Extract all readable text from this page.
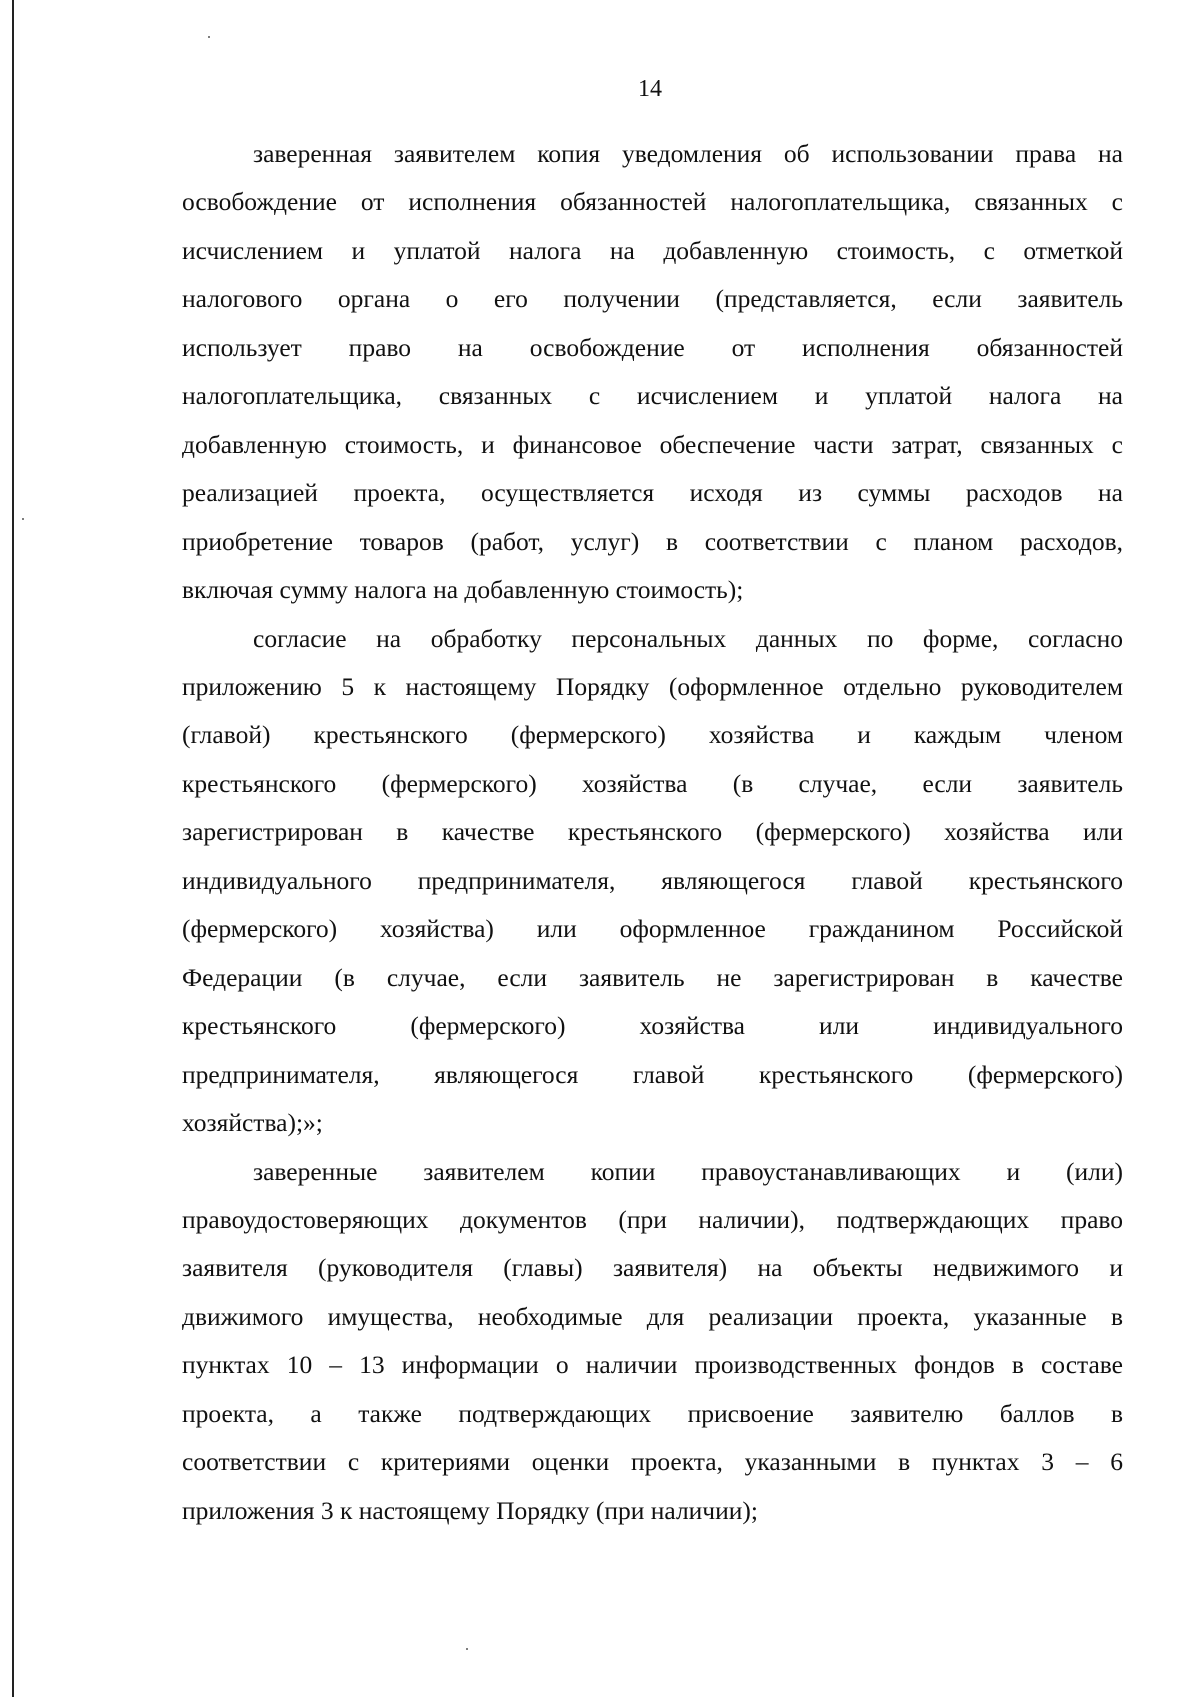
14
заверенная заявителем копия уведомления об использовании права на
освобождение от исполнения обязанностей налогоплательщика, связанных с
исчислением и уплатой налога на добавленную стоимость, с отметкой
налогового органа о его получении (представляется, если заявитель
использует право на освобождение от исполнения обязанностей
налогоплательщика, связанных с исчислением и уплатой налога на
добавленную стоимость, и финансовое обеспечение части затрат, связанных с
реализацией проекта, осуществляется исходя из суммы расходов на
приобретение товаров (работ, услуг) в соответствии с планом расходов,
включая сумму налога на добавленную стоимость);
согласие на обработку персональных данных по форме, согласно
приложению 5 к настоящему Порядку (оформленное отдельно руководителем
(главой) крестьянского (фермерского) хозяйства и каждым членом
крестьянского (фермерского) хозяйства (в случае, если заявитель
зарегистрирован в качестве крестьянского (фермерского) хозяйства или
индивидуального предпринимателя, являющегося главой крестьянского
(фермерского) хозяйства) или оформленное гражданином Российской
Федерации (в случае, если заявитель не зарегистрирован в качестве
крестьянского (фермерского) хозяйства или индивидуального
предпринимателя, являющегося главой крестьянского (фермерского)
хозяйства);»;
заверенные заявителем копии правоустанавливающих и (или)
правоудостоверяющих документов (при наличии), подтверждающих право
заявителя (руководителя (главы) заявителя) на объекты недвижимого и
движимого имущества, необходимые для реализации проекта, указанные в
пунктах 10 – 13 информации о наличии производственных фондов в составе
проекта, а также подтверждающих присвоение заявителю баллов в
соответствии с критериями оценки проекта, указанными в пунктах 3 – 6
приложения 3 к настоящему Порядку (при наличии);
